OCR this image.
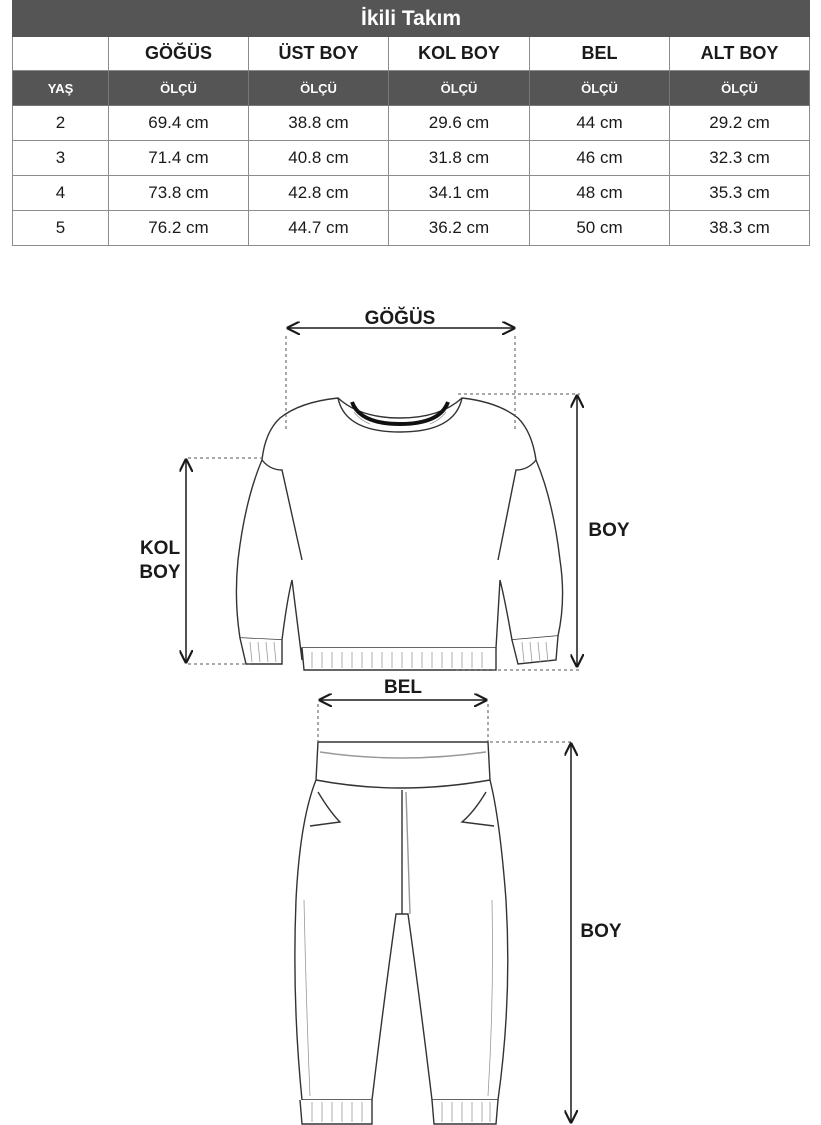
İkili Takım					
	GÖĞÜS	ÜST BOY	KOL BOY	BEL	ALT BOY
YAŞ	ÖLÇÜ	ÖLÇÜ	ÖLÇÜ	ÖLÇÜ	ÖLÇÜ
2	69.4 cm	38.8 cm	29.6 cm	44 cm	29.2 cm
3	71.4 cm	40.8 cm	31.8 cm	46 cm	32.3 cm
4	73.8 cm	42.8 cm	34.1 cm	48 cm	35.3 cm
5	76.2 cm	44.7 cm	36.2 cm	50 cm	38.3 cm
GÖĞÜS
KOL
BOY
BOY
BEL
BOY
